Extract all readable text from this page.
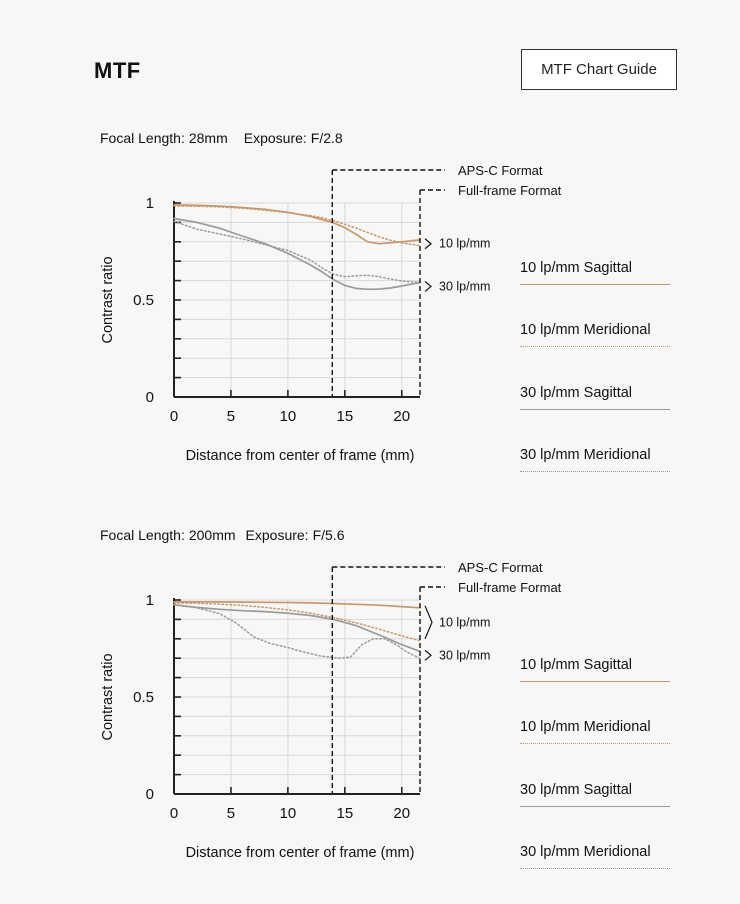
MTF	MTF Chart Guide
Focal Length: 28mm Exposure: F/2.8
0	5	10	15	20
0
0.5
1
Distance from center of frame (mm)
Contrast ratio
APS-C Format
Full-frame Format
10 lp/mm
30 lp/mm
10 lp/mm Sagittal
10 lp/mm Meridional
30 lp/mm Sagittal
30 lp/mm Meridional
Focal Length: 200mm Exposure: F/5.6
0	5	10	15	20
0
0.5
1
Distance from center of frame (mm)
Contrast ratio
APS-C Format
Full-frame Format
10 lp/mm
30 lp/mm
10 lp/mm Sagittal
10 lp/mm Meridional
30 lp/mm Sagittal
30 lp/mm Meridional
